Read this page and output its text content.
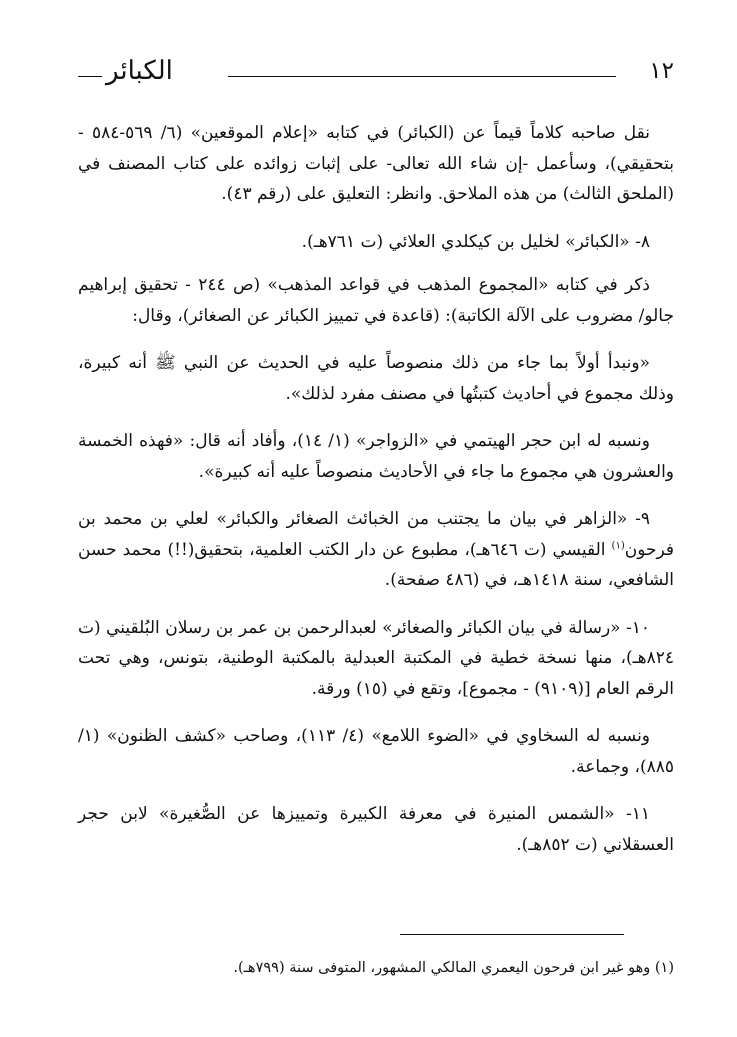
الكبائر	١٢

نقل صاحبه كلاماً قيماً عن (الكبائر) في كتابه «إعلام الموقعين» (٦/ ٥٦٩-٥٨٤ - بتحقيقي)، وسأعمل -إن شاء الله تعالى- على إثبات زوائده على كتاب المصنف في (الملحق الثالث) من هذه الملاحق. وانظر: التعليق على (رقم ٤٣).

٨- «الكبائر» لخليل بن كيكلدي العلائي (ت ٧٦١هـ).

ذكر في كتابه «المجموع المذهب في قواعد المذهب» (ص ٢٤٤ - تحقيق إبراهيم جالو/ مضروب على الآلة الكاتبة): (قاعدة في تمييز الكبائر عن الصغائر)، وقال:

«ونبدأ أولاً بما جاء من ذلك منصوصاً عليه في الحديث عن النبي ﷺ أنه كبيرة، وذلك مجموع في أحاديث كتبتُها في مصنف مفرد لذلك».

ونسبه له ابن حجر الهيتمي في «الزواجر» (١/ ١٤)، وأفاد أنه قال: «فهذه الخمسة والعشرون هي مجموع ما جاء في الأحاديث منصوصاً عليه أنه كبيرة».

٩- «الزاهر في بيان ما يجتنب من الخبائث الصغائر والكبائر» لعلي بن محمد بن فرحون$^{(١)}$ القيسي (ت ٦٤٦هـ)، مطبوع عن دار الكتب العلمية، بتحقيق(!!) محمد حسن الشافعي، سنة ١٤١٨هـ، في (٤٨٦ صفحة).

١٠- «رسالة في بيان الكبائر والصغائر» لعبدالرحمن بن عمر بن رسلان البُلقيني (ت ٨٢٤هـ)، منها نسخة خطية في المكتبة العبدلية بالمكتبة الوطنية، بتونس، وهي تحت الرقم العام [(٩١٠٩) - مجموع]، وتقع في (١٥) ورقة.

ونسبه له السخاوي في «الضوء اللامع» (٤/ ١١٣)، وصاحب «كشف الظنون» (١/ ٨٨٥)، وجماعة.

١١- «الشمس المنيرة في معرفة الكبيرة وتمييزها عن الصُّغيرة» لابن حجر العسقلاني (ت ٨٥٢هـ).

(١) وهو غير ابن فرحون اليعمري المالكي المشهور، المتوفى سنة (٧٩٩هـ).
